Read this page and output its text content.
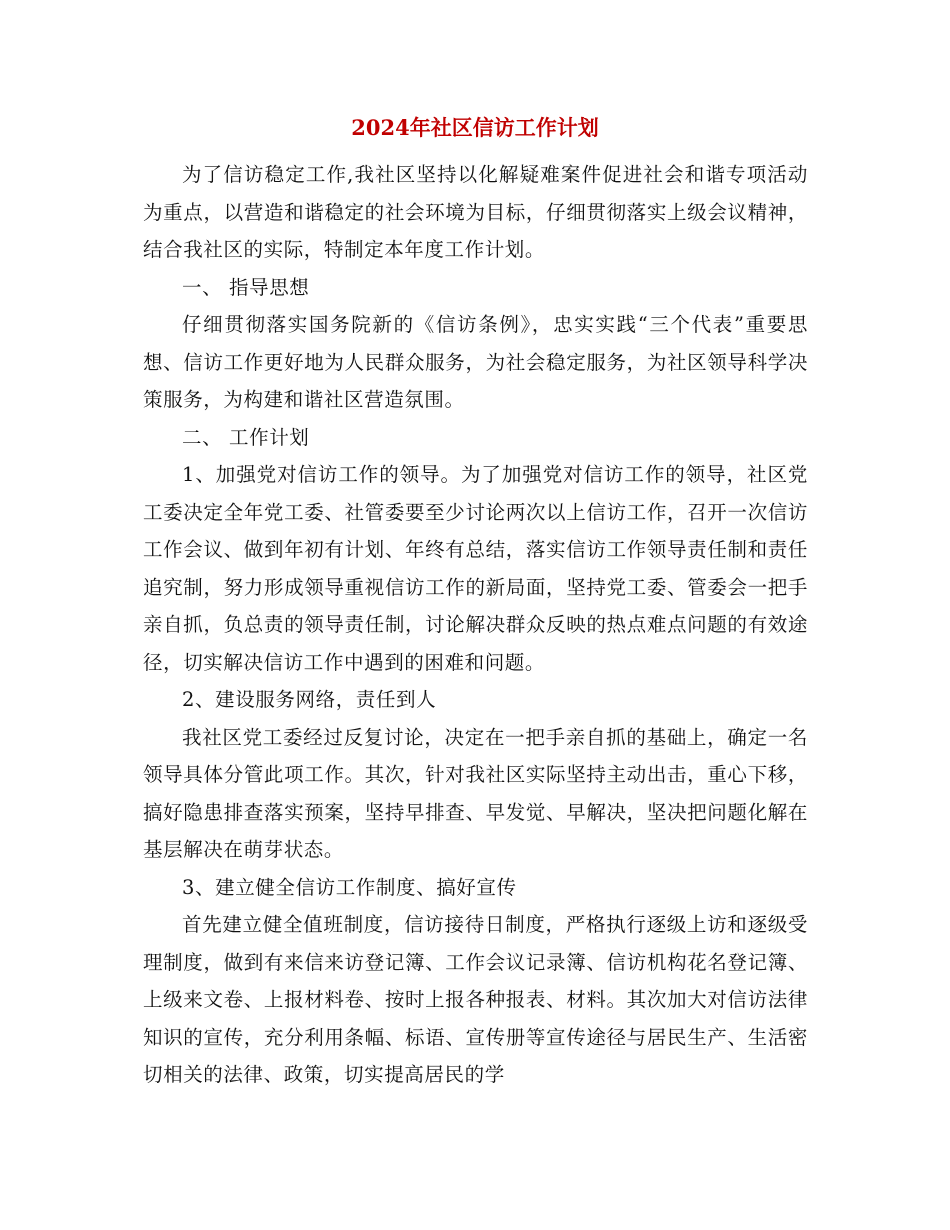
2024年社区信访工作计划

为了信访稳定工作,我社区坚持以化解疑难案件促进社会和谐专项活动为重点，以营造和谐稳定的社会环境为目标，仔细贯彻落实上级会议精神，结合我社区的实际，特制定本年度工作计划。

一、 指导思想

仔细贯彻落实国务院新的《信访条例》，忠实实践“三个代表”重要思想、信访工作更好地为人民群众服务，为社会稳定服务，为社区领导科学决策服务，为构建和谐社区营造氛围。

二、 工作计划

1、加强党对信访工作的领导。为了加强党对信访工作的领导，社区党工委决定全年党工委、社管委要至少讨论两次以上信访工作，召开一次信访工作会议、做到年初有计划、年终有总结，落实信访工作领导责任制和责任追究制，努力形成领导重视信访工作的新局面，坚持党工委、管委会一把手亲自抓，负总责的领导责任制，讨论解决群众反映的热点难点问题的有效途径，切实解决信访工作中遇到的困难和问题。

2、建设服务网络，责任到人

我社区党工委经过反复讨论，决定在一把手亲自抓的基础上，确定一名领导具体分管此项工作。其次，针对我社区实际坚持主动出击，重心下移，搞好隐患排查落实预案，坚持早排查、早发觉、早解决，坚决把问题化解在基层解决在萌芽状态。

3、建立健全信访工作制度、搞好宣传

首先建立健全值班制度，信访接待日制度，严格执行逐级上访和逐级受理制度，做到有来信来访登记簿、工作会议记录簿、信访机构花名登记簿、上级来文卷、上报材料卷、按时上报各种报表、材料。其次加大对信访法律知识的宣传，充分利用条幅、标语、宣传册等宣传途径与居民生产、生活密切相关的法律、政策，切实提高居民的学
